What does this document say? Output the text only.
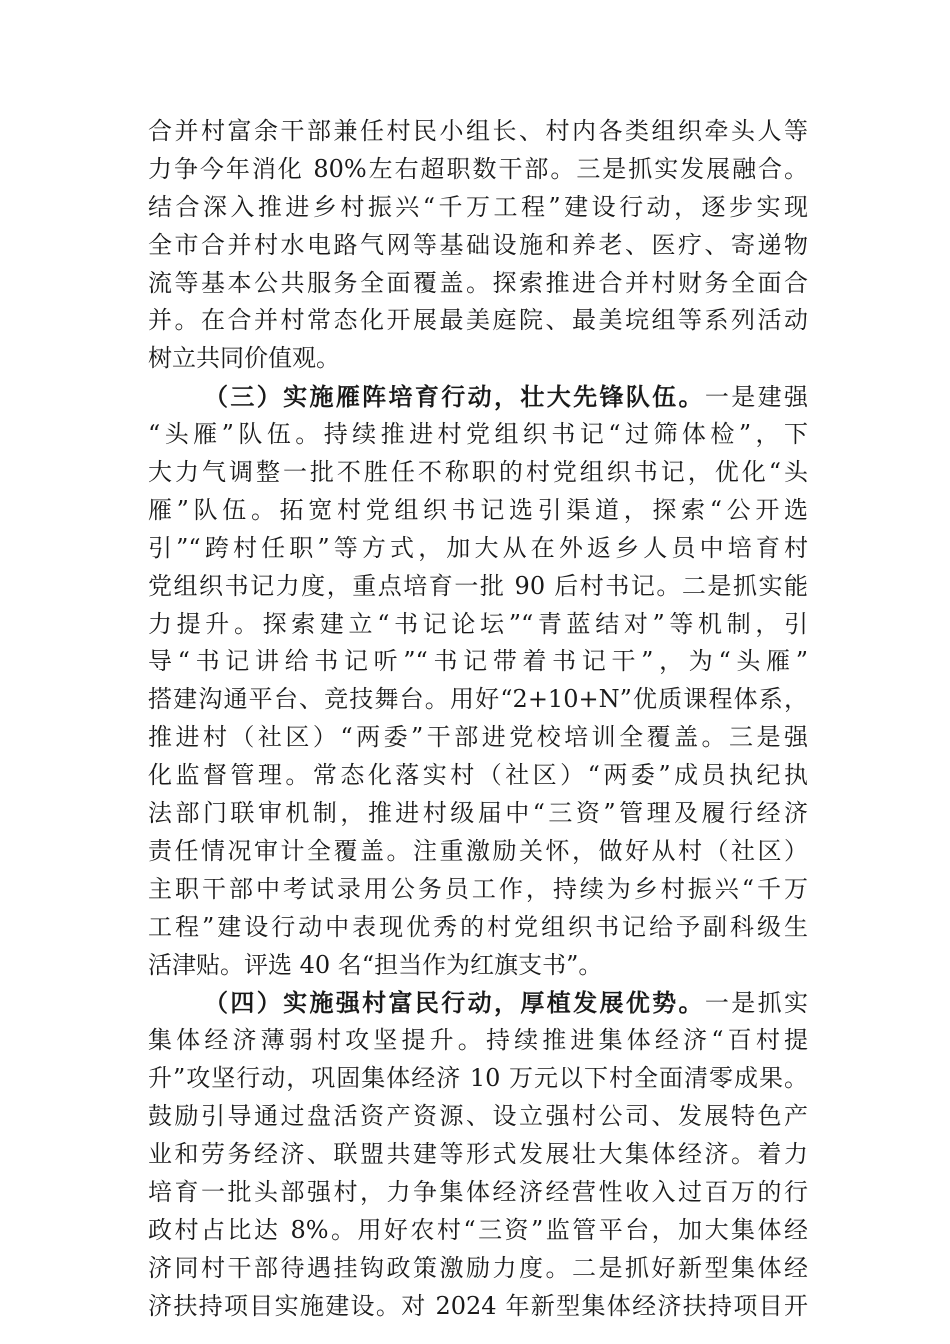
合并村富余干部兼任村民小组长、村内各类组织牵头人等
力争今年消化 80%左右超职数干部。三是抓实发展融合。
结合深入推进乡村振兴“千万工程”建设行动，逐步实现
全市合并村水电路气网等基础设施和养老、医疗、寄递物
流等基本公共服务全面覆盖。探索推进合并村财务全面合
并。在合并村常态化开展最美庭院、最美垸组等系列活动
树立共同价值观。
（三）实施雁阵培育行动，壮大先锋队伍。一是建强
“头雁”队伍。持续推进村党组织书记“过筛体检”，下
大力气调整一批不胜任不称职的村党组织书记，优化“头
雁”队伍。拓宽村党组织书记选引渠道，探索“公开选
引”“跨村任职”等方式，加大从在外返乡人员中培育村
党组织书记力度，重点培育一批 90 后村书记。二是抓实能
力提升。探索建立“书记论坛”“青蓝结对”等机制，引
导“书记讲给书记听”“书记带着书记干”，为“头雁”
搭建沟通平台、竞技舞台。用好“2+10+N”优质课程体系，
推进村（社区）“两委”干部进党校培训全覆盖。三是强
化监督管理。常态化落实村（社区）“两委”成员执纪执
法部门联审机制，推进村级届中“三资”管理及履行经济
责任情况审计全覆盖。注重激励关怀，做好从村（社区）
主职干部中考试录用公务员工作，持续为乡村振兴“千万
工程”建设行动中表现优秀的村党组织书记给予副科级生
活津贴。评选 40 名“担当作为红旗支书”。
（四）实施强村富民行动，厚植发展优势。一是抓实
集体经济薄弱村攻坚提升。持续推进集体经济“百村提
升”攻坚行动，巩固集体经济 10 万元以下村全面清零成果。
鼓励引导通过盘活资产资源、设立强村公司、发展特色产
业和劳务经济、联盟共建等形式发展壮大集体经济。着力
培育一批头部强村，力争集体经济经营性收入过百万的行
政村占比达 8%。用好农村“三资”监管平台，加大集体经
济同村干部待遇挂钩政策激励力度。二是抓好新型集体经
济扶持项目实施建设。对 2024 年新型集体经济扶持项目开
